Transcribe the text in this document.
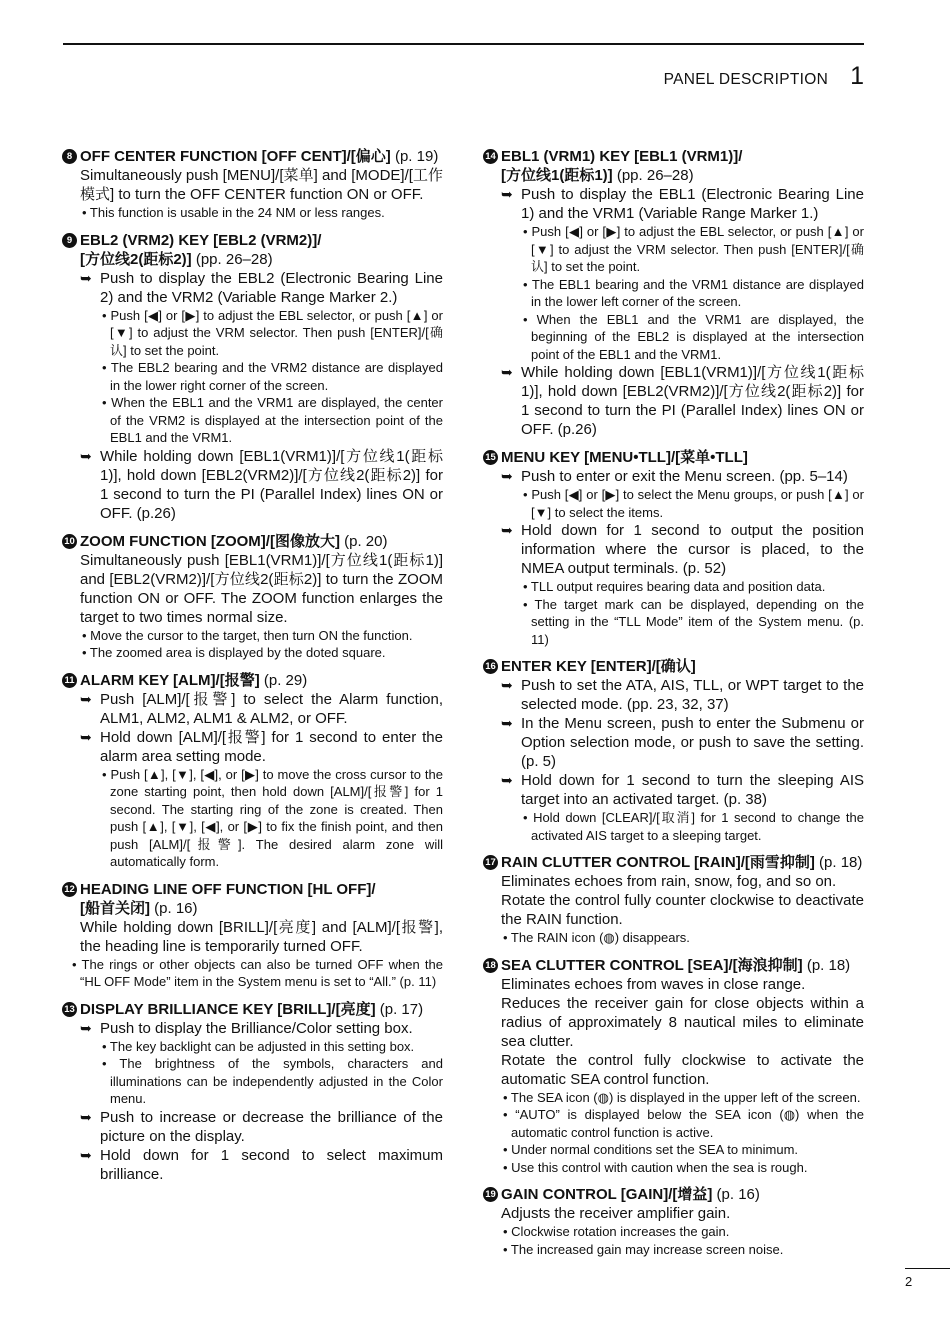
PANEL DESCRIPTION 1
8 OFF CENTER FUNCTION [OFF CENT]/[偏心] (p. 19)
Simultaneously push [MENU]/[菜单] and [MODE]/[工作模式] to turn the OFF CENTER function ON or OFF.
• This function is usable in the 24 NM or less ranges.
9 EBL2 (VRM2) KEY [EBL2 (VRM2)]/
[方位线2(距标2)] (pp. 26–28)
➥ Push to display the EBL2 (Electronic Bearing Line 2) and the VRM2 (Variable Range Marker 2.)
• Push [◀] or [▶] to adjust the EBL selector, or push [▲] or [▼] to adjust the VRM selector. Then push [ENTER]/[确认] to set the point.
• The EBL2 bearing and the VRM2 distance are displayed in the lower right corner of the screen.
• When the EBL1 and the VRM1 are displayed, the center of the VRM2 is displayed at the intersection point of the EBL1 and the VRM1.
➥ While holding down [EBL1(VRM1)]/[方位线1(距标1)], hold down [EBL2(VRM2)]/[方位线2(距标2)] for 1 second to turn the PI (Parallel Index) lines ON or OFF. (p.26)
10 ZOOM FUNCTION [ZOOM]/[图像放大] (p. 20)
Simultaneously push [EBL1(VRM1)]/[方位线1(距标1)] and [EBL2(VRM2)]/[方位线2(距标2)] to turn the ZOOM function ON or OFF. The ZOOM function enlarges the target to two times normal size.
• Move the cursor to the target, then turn ON the function.
• The zoomed area is displayed by the doted square.
11 ALARM KEY [ALM]/[报警] (p. 29)
➥ Push [ALM]/[报警] to select the Alarm function, ALM1, ALM2, ALM1 & ALM2, or OFF.
➥ Hold down [ALM]/[报警] for 1 second to enter the alarm area setting mode.
• Push [▲], [▼], [◀], or [▶] to move the cross cursor to the zone starting point, then hold down [ALM]/[报警] for 1 second. The starting ring of the zone is created. Then push [▲], [▼], [◀], or [▶] to fix the finish point, and then push [ALM]/[报警]. The desired alarm zone will automatically form.
12 HEADING LINE OFF FUNCTION [HL OFF]/
[船首关闭] (p. 16)
While holding down [BRILL]/[亮度] and [ALM]/[报警], the heading line is temporarily turned OFF.
• The rings or other objects can also be turned OFF when the “HL OFF Mode” item in the System menu is set to “All.” (p. 11)
13 DISPLAY BRILLIANCE KEY [BRILL]/[亮度] (p. 17)
➥ Push to display the Brilliance/Color setting box.
• The key backlight can be adjusted in this setting box.
• The brightness of the symbols, characters and illuminations can be independently adjusted in the Color menu.
➥ Push to increase or decrease the brilliance of the picture on the display.
➥ Hold down for 1 second to select maximum brilliance.
14 EBL1 (VRM1) KEY [EBL1 (VRM1)]/
[方位线1(距标1)] (pp. 26–28)
➥ Push to display the EBL1 (Electronic Bearing Line 1) and the VRM1 (Variable Range Marker 1.)
• Push [◀] or [▶] to adjust the EBL selector, or push [▲] or [▼] to adjust the VRM selector. Then push [ENTER]/[确认] to set the point.
• The EBL1 bearing and the VRM1 distance are displayed in the lower left corner of the screen.
• When the EBL1 and the VRM1 are displayed, the beginning of the EBL2 is displayed at the intersection point of the EBL1 and the VRM1.
➥ While holding down [EBL1(VRM1)]/[方位线1(距标1)], hold down [EBL2(VRM2)]/[方位线2(距标2)] for 1 second to turn the PI (Parallel Index) lines ON or OFF. (p.26)
15 MENU KEY [MENU•TLL]/[菜单•TLL]
➥ Push to enter or exit the Menu screen. (pp. 5–14)
• Push [◀] or [▶] to select the Menu groups, or push [▲] or [▼] to select the items.
➥ Hold down for 1 second to output the position information where the cursor is placed, to the NMEA output terminals. (p. 52)
• TLL output requires bearing data and position data.
• The target mark can be displayed, depending on the setting in the “TLL Mode” item of the System menu. (p. 11)
16 ENTER KEY [ENTER]/[确认]
➥ Push to set the ATA, AIS, TLL, or WPT target to the selected mode. (pp. 23, 32, 37)
➥ In the Menu screen, push to enter the Submenu or Option selection mode, or push to save the setting. (p. 5)
➥ Hold down for 1 second to turn the sleeping AIS target into an activated target. (p. 38)
• Hold down [CLEAR]/[取消] for 1 second to change the activated AIS target to a sleeping target.
17 RAIN CLUTTER CONTROL [RAIN]/[雨雪抑制] (p. 18)
Eliminates echoes from rain, snow, fog, and so on.
Rotate the control fully counter clockwise to deactivate the RAIN function.
• The RAIN icon (◍) disappears.
18 SEA CLUTTER CONTROL [SEA]/[海浪抑制] (p. 18)
Eliminates echoes from waves in close range.
Reduces the receiver gain for close objects within a radius of approximately 8 nautical miles to eliminate sea clutter.
Rotate the control fully clockwise to activate the automatic SEA control function.
• The SEA icon (◍) is displayed in the upper left of the screen.
• “AUTO” is displayed below the SEA icon (◍) when the automatic control function is active.
• Under normal conditions set the SEA to minimum.
• Use this control with caution when the sea is rough.
19 GAIN CONTROL [GAIN]/[增益] (p. 16)
Adjusts the receiver amplifier gain.
• Clockwise rotation increases the gain.
• The increased gain may increase screen noise.
2
